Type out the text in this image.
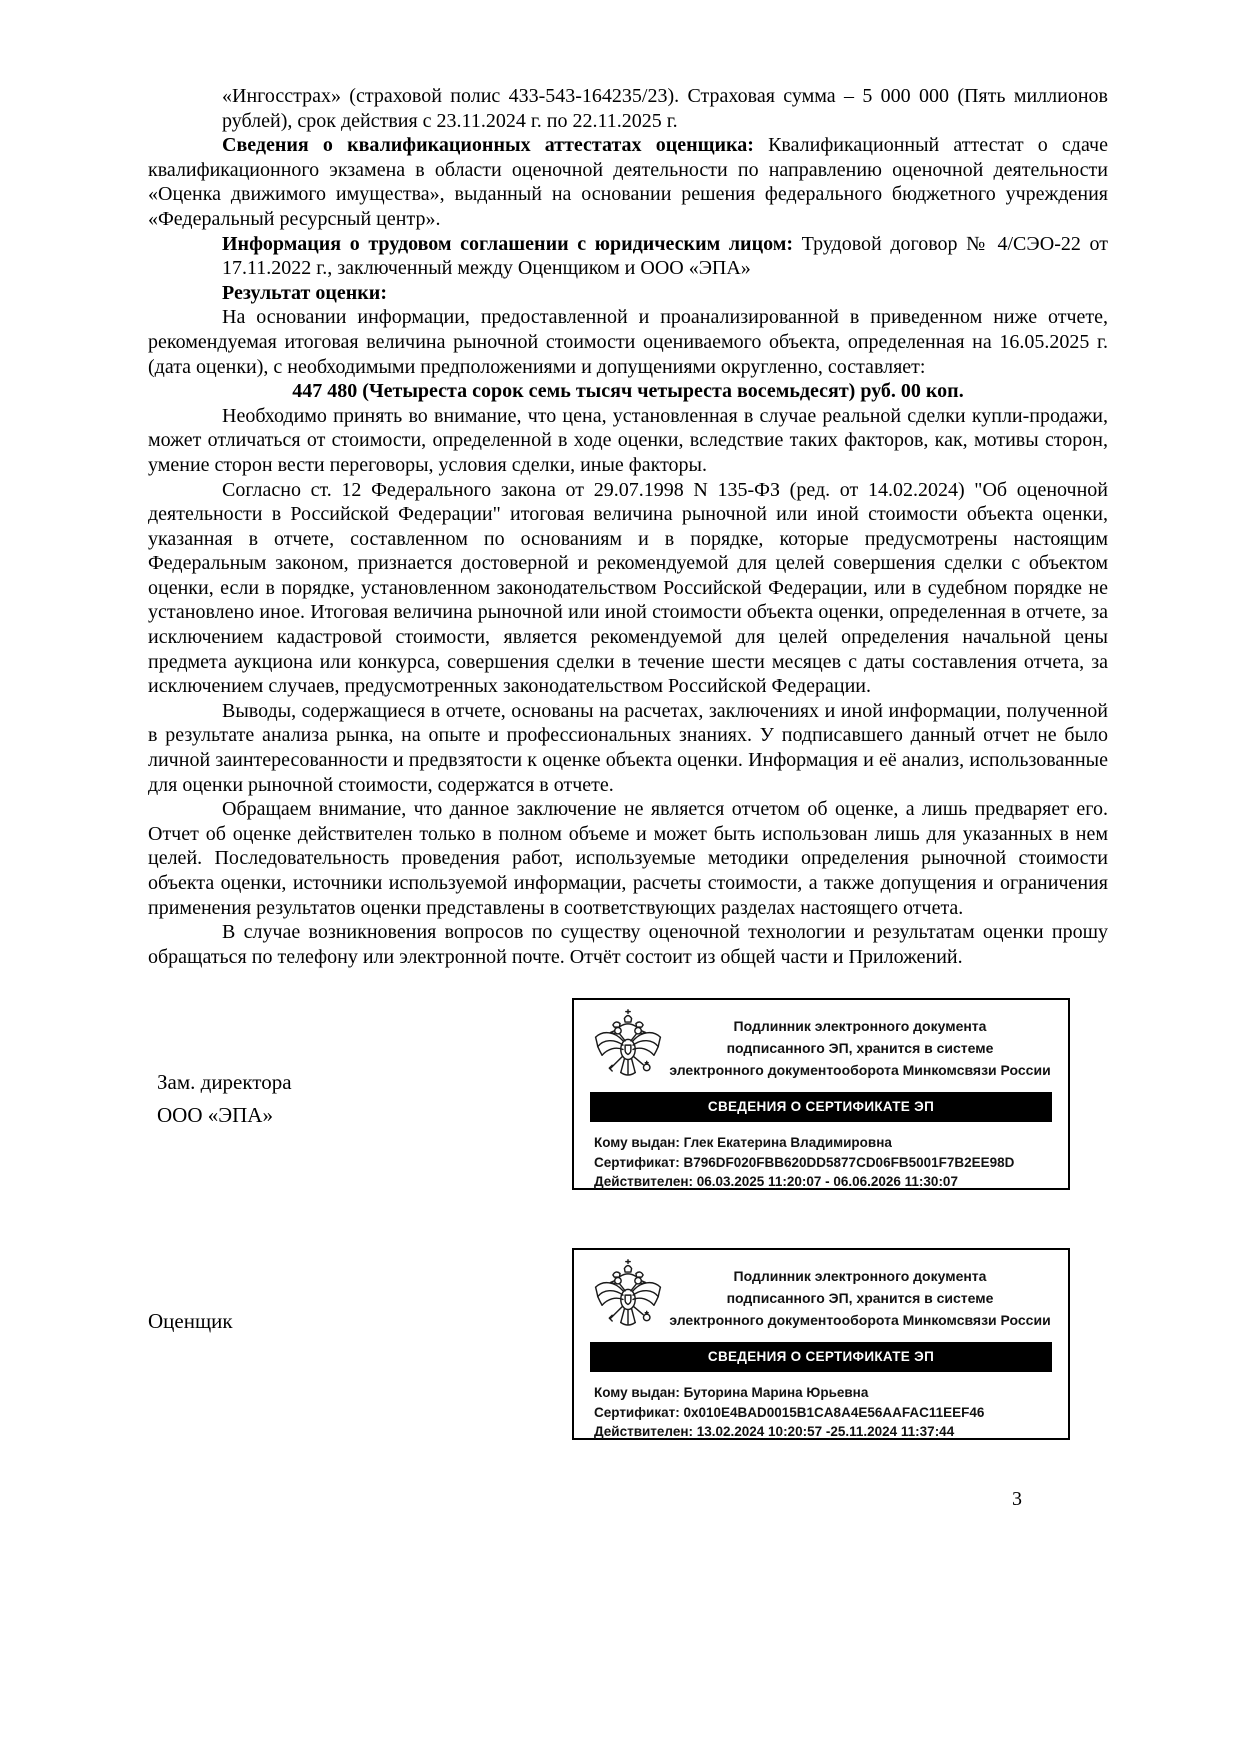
«Ингосстрах» (страховой полис 433-543-164235/23). Страховая сумма – 5 000 000 (Пять миллионов рублей), срок действия с 23.11.2024 г. по 22.11.2025 г.

Сведения о квалификационных аттестатах оценщика: Квалификационный аттестат о сдаче квалификационного экзамена в области оценочной деятельности по направлению оценочной деятельности «Оценка движимого имущества», выданный на основании решения федерального бюджетного учреждения «Федеральный ресурсный центр».

Информация о трудовом соглашении с юридическим лицом: Трудовой договор № 4/СЭО-22 от 17.11.2022 г., заключенный между Оценщиком и ООО «ЭПА»

Результат оценки:

На основании информации, предоставленной и проанализированной в приведенном ниже отчете, рекомендуемая итоговая величина рыночной стоимости оцениваемого объекта, определенная на 16.05.2025 г. (дата оценки), с необходимыми предположениями и допущениями округленно, составляет:

447 480 (Четыреста сорок семь тысяч четыреста восемьдесят) руб. 00 коп.

Необходимо принять во внимание, что цена, установленная в случае реальной сделки купли-продажи, может отличаться от стоимости, определенной в ходе оценки, вследствие таких факторов, как, мотивы сторон, умение сторон вести переговоры, условия сделки, иные факторы.

Согласно ст. 12 Федерального закона от 29.07.1998 N 135-ФЗ (ред. от 14.02.2024) "Об оценочной деятельности в Российской Федерации" итоговая величина рыночной или иной стоимости объекта оценки, указанная в отчете, составленном по основаниям и в порядке, которые предусмотрены настоящим Федеральным законом, признается достоверной и рекомендуемой для целей совершения сделки с объектом оценки, если в порядке, установленном законодательством Российской Федерации, или в судебном порядке не установлено иное. Итоговая величина рыночной или иной стоимости объекта оценки, определенная в отчете, за исключением кадастровой стоимости, является рекомендуемой для целей определения начальной цены предмета аукциона или конкурса, совершения сделки в течение шести месяцев с даты составления отчета, за исключением случаев, предусмотренных законодательством Российской Федерации.

Выводы, содержащиеся в отчете, основаны на расчетах, заключениях и иной информации, полученной в результате анализа рынка, на опыте и профессиональных знаниях. У подписавшего данный отчет не было личной заинтересованности и предвзятости к оценке объекта оценки. Информация и её анализ, использованные для оценки рыночной стоимости, содержатся в отчете.

Обращаем внимание, что данное заключение не является отчетом об оценке, а лишь предваряет его. Отчет об оценке действителен только в полном объеме и может быть использован лишь для указанных в нем целей. Последовательность проведения работ, используемые методики определения рыночной стоимости объекта оценки, источники используемой информации, расчеты стоимости, а также допущения и ограничения применения результатов оценки представлены в соответствующих разделах настоящего отчета.

В случае возникновения вопросов по существу оценочной технологии и результатам оценки прошу обращаться по телефону или электронной почте. Отчёт состоит из общей части и Приложений.

Зам. директора
ООО «ЭПА»
Оценщик
Подлинник электронного документа
подписанного ЭП, хранится в системе
электронного документооборота Минкомсвязи России
СВЕДЕНИЯ О СЕРТИФИКАТЕ ЭП
Кому выдан: Глек Екатерина Владимировна
Сертификат: B796DF020FBB620DD5877CD06FB5001F7B2EE98D
Действителен: 06.03.2025 11:20:07 - 06.06.2026 11:30:07
Подлинник электронного документа
подписанного ЭП, хранится в системе
электронного документооборота Минкомсвязи России
СВЕДЕНИЯ О СЕРТИФИКАТЕ ЭП
Кому выдан: Буторина Марина Юрьевна
Сертификат: 0x010E4BAD0015B1CA8A4E56AAFAC11EEF46
Действителен: 13.02.2024 10:20:57 -25.11.2024 11:37:44
3
